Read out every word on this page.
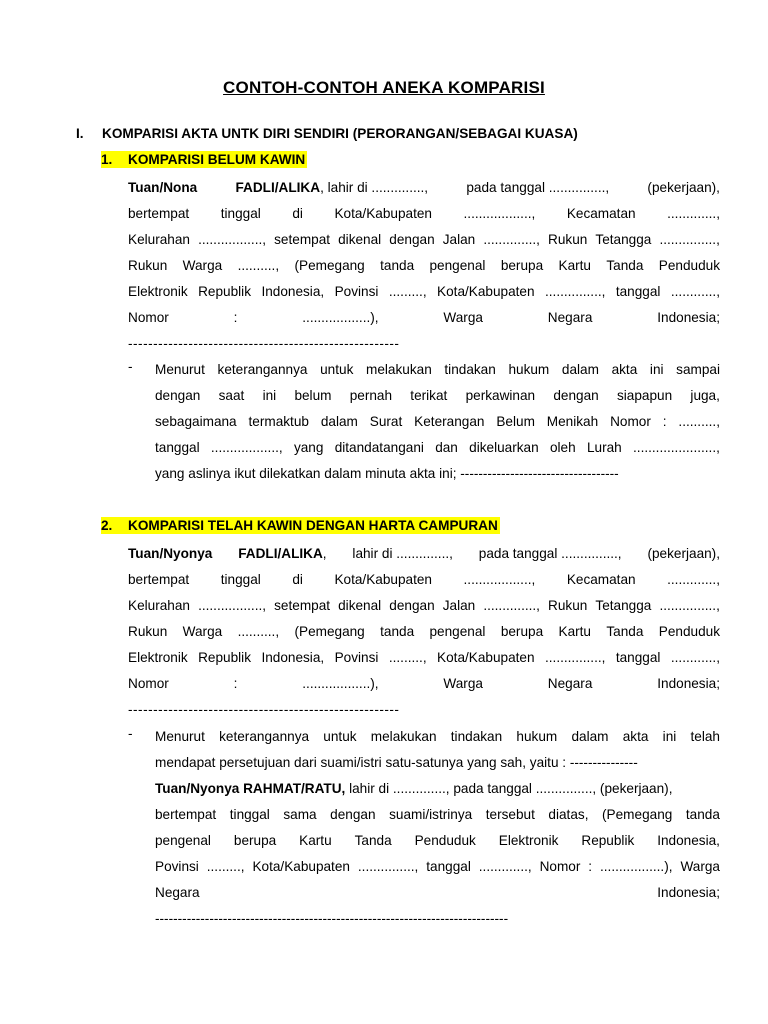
CONTOH-CONTOH ANEKA KOMPARISI
I. KOMPARISI AKTA UNTK DIRI SENDIRI (PERORANGAN/SEBAGAI KUASA)
1. KOMPARISI BELUM KAWIN
Tuan/Nona	FADLI/ALIKA, lahir di ..............,	pada tanggal ...............,	(pekerjaan),
bertempat tinggal di Kota/Kabupaten .................., Kecamatan .............,
Kelurahan ................., setempat dikenal dengan Jalan .............., Rukun Tetangga ...............,
Rukun Warga .........., (Pemegang tanda pengenal berupa Kartu Tanda Penduduk
Elektronik Republik Indonesia, Povinsi ........., Kota/Kabupaten ..............., tanggal ............,
Nomor	:	..................),	Warga	Negara	Indonesia;
------------------------------------------------------
- Menurut keterangannya untuk melakukan tindakan hukum dalam akta ini sampai
dengan saat ini belum pernah terikat perkawinan dengan siapapun juga,
sebagaimana termaktub dalam Surat Keterangan Belum Menikah Nomor : ..........,
tanggal .................., yang ditandatangani dan dikeluarkan oleh Lurah ......................,
yang aslinya ikut dilekatkan dalam minuta akta ini; -----------------------------------
2. KOMPARISI TELAH KAWIN DENGAN HARTA CAMPURAN
Tuan/Nyonya FADLI/ALIKA, lahir di .............., pada tanggal ..............., (pekerjaan),
bertempat tinggal di Kota/Kabupaten .................., Kecamatan .............,
Kelurahan ................., setempat dikenal dengan Jalan .............., Rukun Tetangga ...............,
Rukun Warga .........., (Pemegang tanda pengenal berupa Kartu Tanda Penduduk
Elektronik Republik Indonesia, Povinsi ........., Kota/Kabupaten ..............., tanggal ............,
Nomor	:	..................),	Warga	Negara	Indonesia;
------------------------------------------------------
- Menurut keterangannya untuk melakukan tindakan hukum dalam akta ini telah
mendapat persetujuan dari suami/istri satu-satunya yang sah, yaitu : ---------------
Tuan/Nyonya RAHMAT/RATU, lahir di .............., pada tanggal ..............., (pekerjaan),
bertempat tinggal sama dengan suami/istrinya tersebut diatas, (Pemegang tanda
pengenal berupa Kartu Tanda Penduduk Elektronik Republik Indonesia,
Povinsi ........., Kota/Kabupaten ..............., tanggal ............., Nomor : .................), Warga
Negara	Indonesia;
------------------------------------------------------------------------------
